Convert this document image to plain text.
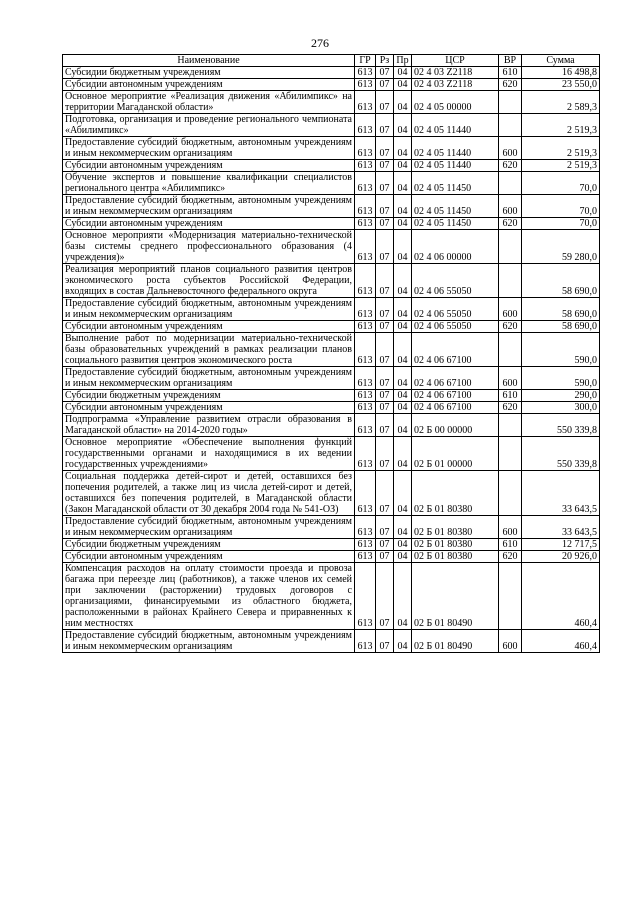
276
Наименование	ГР	Рз	Пр	ЦСР	ВР	Сумма
Субсидии бюджетным учреждениям	613	07	04	02 4 03 Z2118	610	16 498,8
Субсидии автономным учреждениям	613	07	04	02 4 03 Z2118	620	23 550,0
Основное мероприятие «Реализация движения «Абилимпикс» на территории Магаданской области»	613	07	04	02 4 05 00000		2 589,3
Подготовка, организация и проведение регионального чемпионата «Абилимпикс»	613	07	04	02 4 05 11440		2 519,3
Предоставление субсидий бюджетным, автономным учреждениям и иным некоммерческим организациям	613	07	04	02 4 05 11440	600	2 519,3
Субсидии автономным учреждениям	613	07	04	02 4 05 11440	620	2 519,3
Обучение экспертов и повышение квалификации специалистов регионального центра «Абилимпикс»	613	07	04	02 4 05 11450		70,0
Предоставление субсидий бюджетным, автономным учреждениям и иным некоммерческим организациям	613	07	04	02 4 05 11450	600	70,0
Субсидии автономным учреждениям	613	07	04	02 4 05 11450	620	70,0
Основное мероприяти «Модернизация материально-технической базы системы среднего профессионального образования (4 учреждения)»	613	07	04	02 4 06 00000		59 280,0
Реализация мероприятий планов социального развития центров экономического роста субъектов Российской Федерации, входящих в состав Дальневосточного федерального округа	613	07	04	02 4 06 55050		58 690,0
Предоставление субсидий бюджетным, автономным учреждениям и иным некоммерческим организациям	613	07	04	02 4 06 55050	600	58 690,0
Субсидии автономным учреждениям	613	07	04	02 4 06 55050	620	58 690,0
Выполнение работ по модернизации материально-технической базы образовательных учреждений в рамках реализации планов социального развития центров экономического роста	613	07	04	02 4 06 67100		590,0
Предоставление субсидий бюджетным, автономным учреждениям и иным некоммерческим организациям	613	07	04	02 4 06 67100	600	590,0
Субсидии бюджетным учреждениям	613	07	04	02 4 06 67100	610	290,0
Субсидии автономным учреждениям	613	07	04	02 4 06 67100	620	300,0
Подпрограмма «Управление развитием отрасли образования в Магаданской области» на 2014-2020 годы»	613	07	04	02 Б 00 00000		550 339,8
Основное мероприятие «Обеспечение выполнения функций государственными органами и находящимися в их ведении государственных учреждениями»	613	07	04	02 Б 01 00000		550 339,8
Социальная поддержка детей-сирот и детей, оставшихся без попечения родителей, а также лиц из числа детей-сирот и детей, оставшихся без попечения родителей, в Магаданской области (Закон Магаданской области от 30 декабря 2004 года № 541-ОЗ)	613	07	04	02 Б 01 80380		33 643,5
Предоставление субсидий бюджетным, автономным учреждениям и иным некоммерческим организациям	613	07	04	02 Б 01 80380	600	33 643,5
Субсидии бюджетным учреждениям	613	07	04	02 Б 01 80380	610	12 717,5
Субсидии автономным учреждениям	613	07	04	02 Б 01 80380	620	20 926,0
Компенсация расходов на оплату стоимости проезда и провоза багажа при переезде лиц (работников), а также членов их семей при заключении (расторжении) трудовых договоров с организациями, финансируемыми из областного бюджета, расположенными в районах Крайнего Севера и приравненных к ним местностях	613	07	04	02 Б 01 80490		460,4
Предоставление субсидий бюджетным, автономным учреждениям и иным некоммерческим организациям	613	07	04	02 Б 01 80490	600	460,4
